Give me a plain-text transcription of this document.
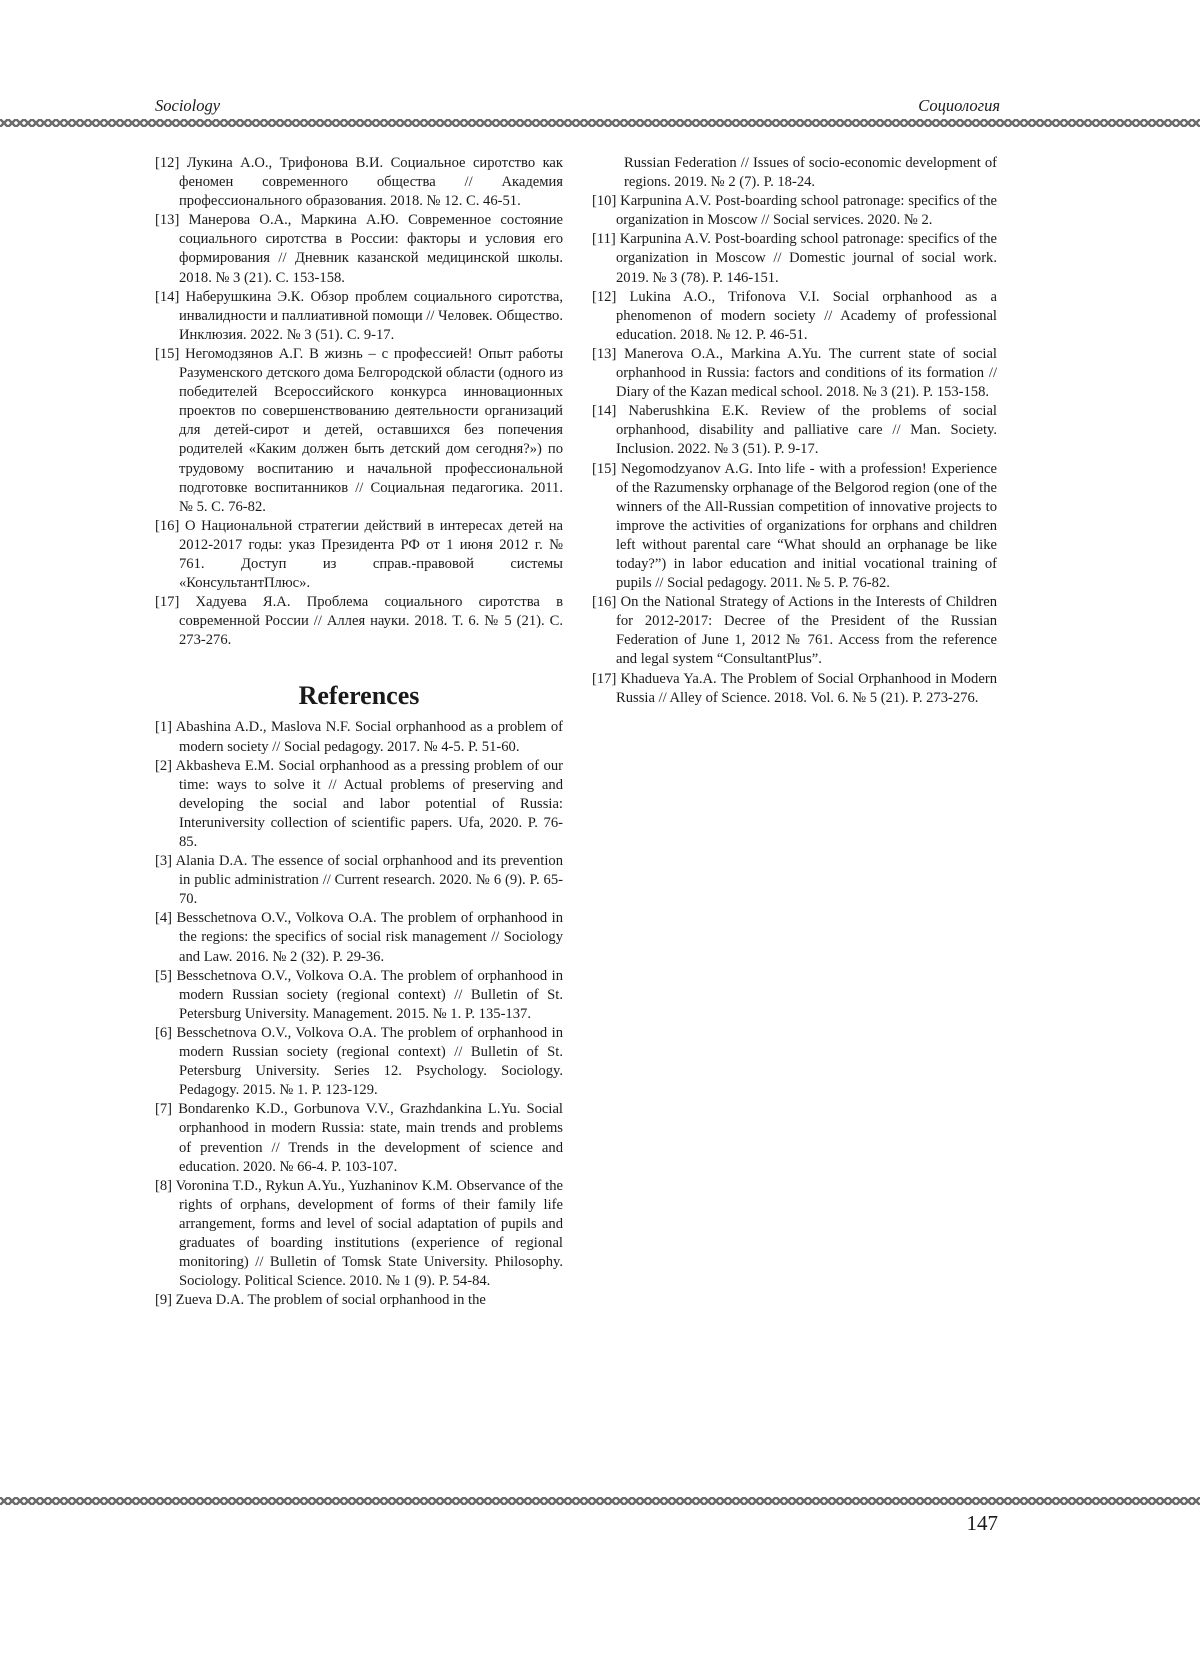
Sociology	Социология

[12] Лукина А.О., Трифонова В.И. Социальное сиротство как феномен современного общества // Академия профессионального образования. 2018. № 12. С. 46-51.

[13] Манерова О.А., Маркина А.Ю. Современное состояние социального сиротства в России: факторы и условия его формирования // Дневник казанской медицинской школы. 2018. № 3 (21). С. 153-158.

[14] Наберушкина Э.К. Обзор проблем социального сиротства, инвалидности и паллиативной помощи // Человек. Общество. Инклюзия. 2022. № 3 (51). С. 9-17.

[15] Негомодзянов А.Г. В жизнь – с профессией! Опыт работы Разуменского детского дома Белгородской области (одного из победителей Всероссийского конкурса инновационных проектов по совершенствованию деятельности организаций для детей-сирот и детей, оставшихся без попечения родителей «Каким должен быть детский дом сегодня?») по трудовому воспитанию и начальной профессиональной подготовке воспитанников // Социальная педагогика. 2011. № 5. С. 76-82.

[16] О Национальной стратегии действий в интересах детей на 2012-2017 годы: указ Президента РФ от 1 июня 2012 г. № 761. Доступ из справ.-правовой системы «КонсультантПлюс».

[17] Хадуева Я.А. Проблема социального сиротства в современной России // Аллея науки. 2018. Т. 6. № 5 (21). С. 273-276.

References

[1] Abashina A.D., Maslova N.F. Social orphanhood as a problem of modern society // Social pedagogy. 2017. № 4-5. P. 51-60.

[2] Akbasheva E.M. Social orphanhood as a pressing problem of our time: ways to solve it // Actual problems of preserving and developing the social and labor potential of Russia: Interuniversity collection of scientific papers. Ufa, 2020. P. 76-85.

[3] Alania D.A. The essence of social orphanhood and its prevention in public administration // Current research. 2020. № 6 (9). P. 65-70.

[4] Besschetnova O.V., Volkova O.A. The problem of orphanhood in the regions: the specifics of social risk management // Sociology and Law. 2016. № 2 (32). P. 29-36.

[5] Besschetnova O.V., Volkova O.A. The problem of orphanhood in modern Russian society (regional context) // Bulletin of St. Petersburg University. Management. 2015. № 1. P. 135-137.

[6] Besschetnova O.V., Volkova O.A. The problem of orphanhood in modern Russian society (regional context) // Bulletin of St. Petersburg University. Series 12. Psychology. Sociology. Pedagogy. 2015. № 1. P. 123-129.

[7] Bondarenko K.D., Gorbunova V.V., Grazhdankina L.Yu. Social orphanhood in modern Russia: state, main trends and problems of prevention // Trends in the development of science and education. 2020. № 66-4. P. 103-107.

[8] Voronina T.D., Rykun A.Yu., Yuzhaninov K.M. Observance of the rights of orphans, development of forms of their family life arrangement, forms and level of social adaptation of pupils and graduates of boarding institutions (experience of regional monitoring) // Bulletin of Tomsk State University. Philosophy. Sociology. Political Science. 2010. № 1 (9). P. 54-84.

[9] Zueva D.A. The problem of social orphanhood in the

Russian Federation // Issues of socio-economic development of regions. 2019. № 2 (7). P. 18-24.

[10] Karpunina A.V. Post-boarding school patronage: specifics of the organization in Moscow // Social services. 2020. № 2.

[11] Karpunina A.V. Post-boarding school patronage: specifics of the organization in Moscow // Domestic journal of social work. 2019. № 3 (78). P. 146-151.

[12] Lukina A.O., Trifonova V.I. Social orphanhood as a phenomenon of modern society // Academy of professional education. 2018. № 12. P. 46-51.

[13] Manerova O.A., Markina A.Yu. The current state of social orphanhood in Russia: factors and conditions of its formation // Diary of the Kazan medical school. 2018. № 3 (21). P. 153-158.

[14] Naberushkina E.K. Review of the problems of social orphanhood, disability and palliative care // Man. Society. Inclusion. 2022. № 3 (51). P. 9-17.

[15] Negomodzyanov A.G. Into life - with a profession! Experience of the Razumensky orphanage of the Belgorod region (one of the winners of the All-Russian competition of innovative projects to improve the activities of organizations for orphans and children left without parental care “What should an orphanage be like today?”) in labor education and initial vocational training of pupils // Social pedagogy. 2011. № 5. P. 76-82.

[16] On the National Strategy of Actions in the Interests of Children for 2012-2017: Decree of the President of the Russian Federation of June 1, 2012 № 761. Access from the reference and legal system “ConsultantPlus”.

[17] Khadueva Ya.A. The Problem of Social Orphanhood in Modern Russia // Alley of Science. 2018. Vol. 6. № 5 (21). P. 273-276.

147
